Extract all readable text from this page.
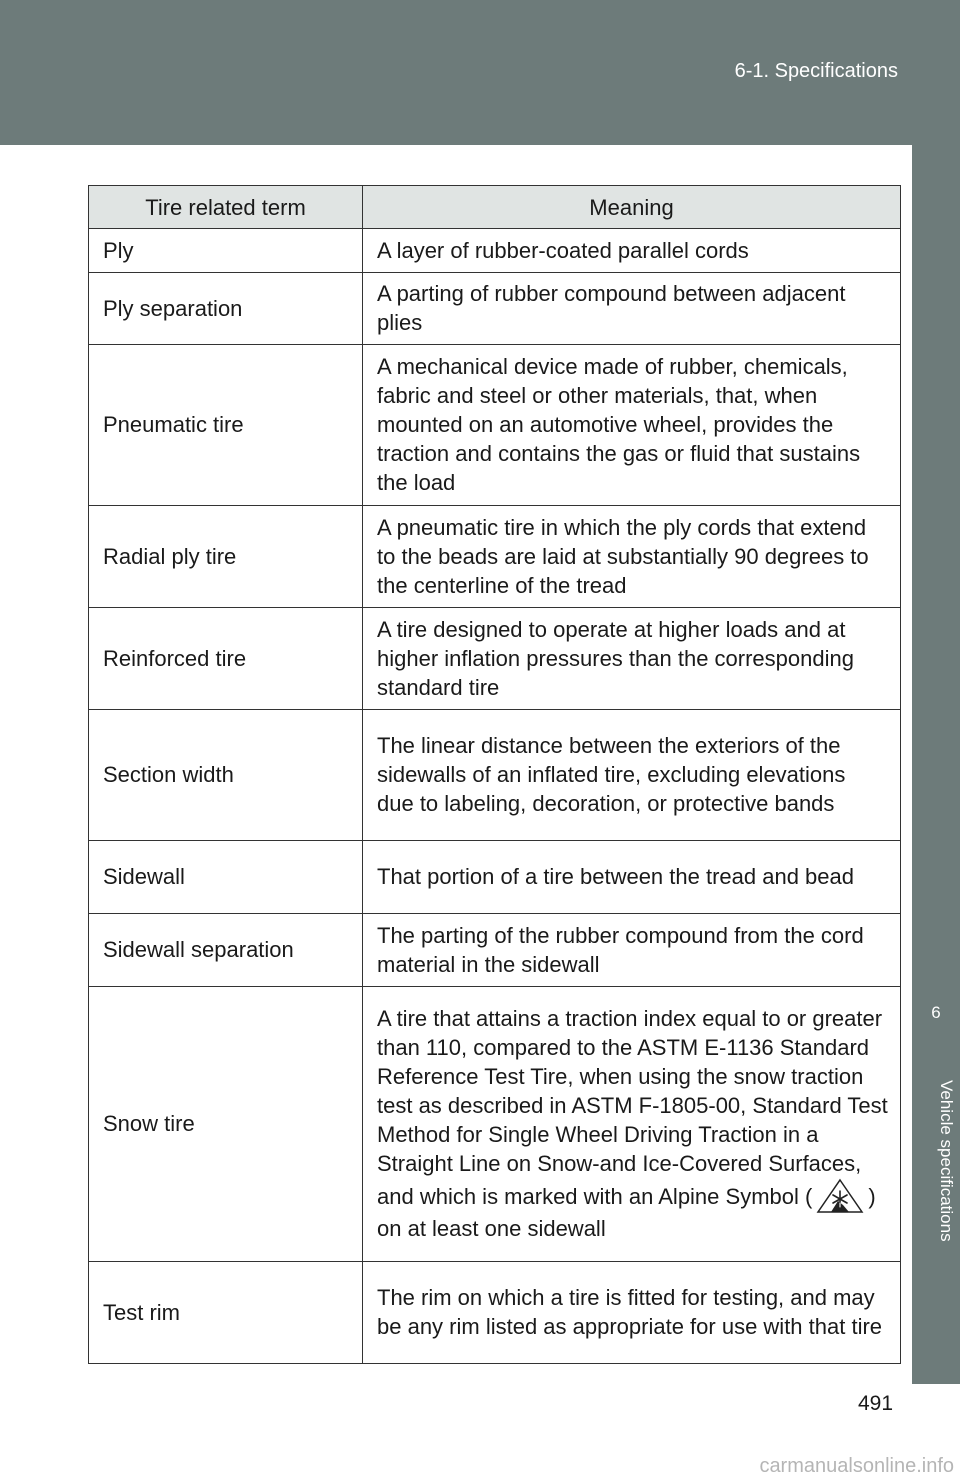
6-1. Specifications
6
Vehicle specifications
Tire related term	Meaning
Ply	A layer of rubber-coated parallel cords
Ply separation	A parting of rubber compound between adjacent plies
Pneumatic tire	A mechanical device made of rubber, chemicals, fabric and steel or other materials, that, when mounted on an automotive wheel, provides the traction and contains the gas or fluid that sustains the load
Radial ply tire	A pneumatic tire in which the ply cords that extend to the beads are laid at substantially 90 degrees to the centerline of the tread
Reinforced tire	A tire designed to operate at higher loads and at higher inflation pressures than the corresponding standard tire
Section width	The linear distance between the exteriors of the sidewalls of an inflated tire, excluding elevations due to labeling, decoration, or protective bands
Sidewall	That portion of a tire between the tread and bead
Sidewall separation	The parting of the rubber compound from the cord material in the sidewall
Snow tire	A tire that attains a traction index equal to or greater than 110, compared to the ASTM E-1136 Standard Reference Test Tire, when using the snow traction test as described in ASTM F-1805-00, Standard Test Method for Single Wheel Driving Traction in a Straight Line on Snow-and Ice-Covered Surfaces, and which is marked with an Alpine Symbol ( ) on at least one sidewall
Test rim	The rim on which a tire is fitted for testing, and may be any rim listed as appropriate for use with that tire
491
carmanualsonline.info
